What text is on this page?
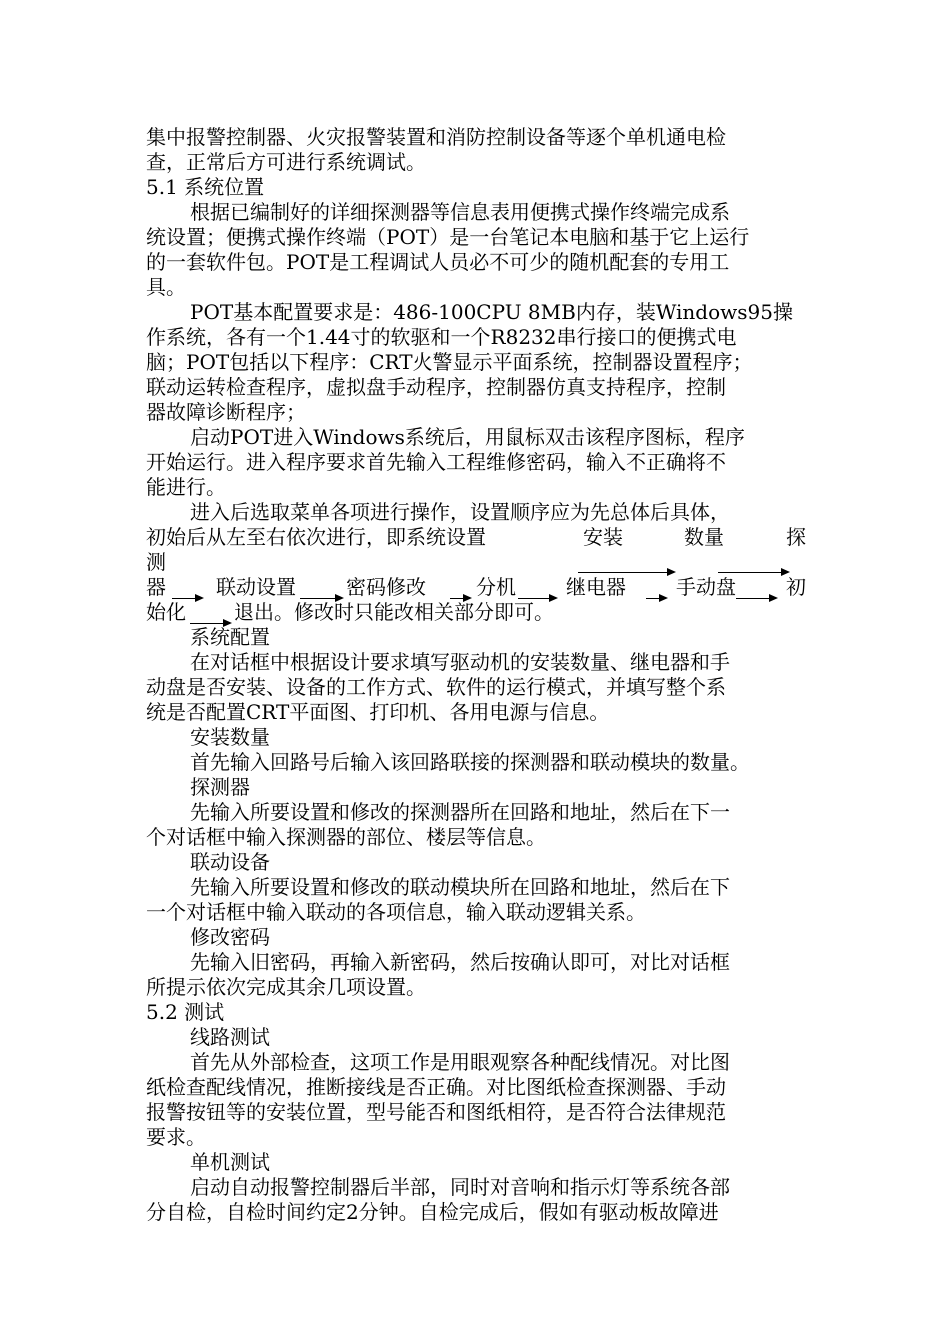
集中报警控制器、火灾报警装置和消防控制设备等逐个单机通电检

查，正常后方可进行系统调试。

5.1 系统位置

根据已编制好的详细探测器等信息表用便携式操作终端完成系

统设置；便携式操作终端（POT）是一台笔记本电脑和基于它上运行

的一套软件包。POT是工程调试人员必不可少的随机配套的专用工

具。

POT基本配置要求是：486-100CPU 8MB内存，装Windows95操

作系统，各有一个1.44寸的软驱和一个R8232串行接口的便携式电

脑；POT包括以下程序：CRT火警显示平面系统，控制器设置程序；

联动运转检查程序，虚拟盘手动程序，控制器仿真支持程序，控制

器故障诊断程序；

启动POT进入Windows系统后，用鼠标双击该程序图标，程序

开始运行。进入程序要求首先输入工程维修密码，输入不正确将不

能进行。

进入后选取菜单各项进行操作，设置顺序应为先总体后具体，

初始后从左至右依次进行，即系统设置	安装	数量	探

测

器	联动设置	密码修改	分机	继电器	手动盘	初
始化 退出。修改时只能改相关部分即可。

系统配置

在对话框中根据设计要求填写驱动机的安装数量、继电器和手

动盘是否安装、设备的工作方式、软件的运行模式，并填写整个系

统是否配置CRT平面图、打印机、各用电源与信息。

安装数量

首先输入回路号后输入该回路联接的探测器和联动模块的数量。

探测器

先输入所要设置和修改的探测器所在回路和地址，然后在下一

个对话框中输入探测器的部位、楼层等信息。

联动设备

先输入所要设置和修改的联动模块所在回路和地址，然后在下

一个对话框中输入联动的各项信息，输入联动逻辑关系。

修改密码

先输入旧密码，再输入新密码，然后按确认即可，对比对话框

所提示依次完成其余几项设置。

5.2 测试

线路测试

首先从外部检查，这项工作是用眼观察各种配线情况。对比图

纸检查配线情况，推断接线是否正确。对比图纸检查探测器、手动

报警按钮等的安装位置，型号能否和图纸相符，是否符合法律规范

要求。

单机测试

启动自动报警控制器后半部，同时对音响和指示灯等系统各部

分自检，自检时间约定2分钟。自检完成后，假如有驱动板故障进
